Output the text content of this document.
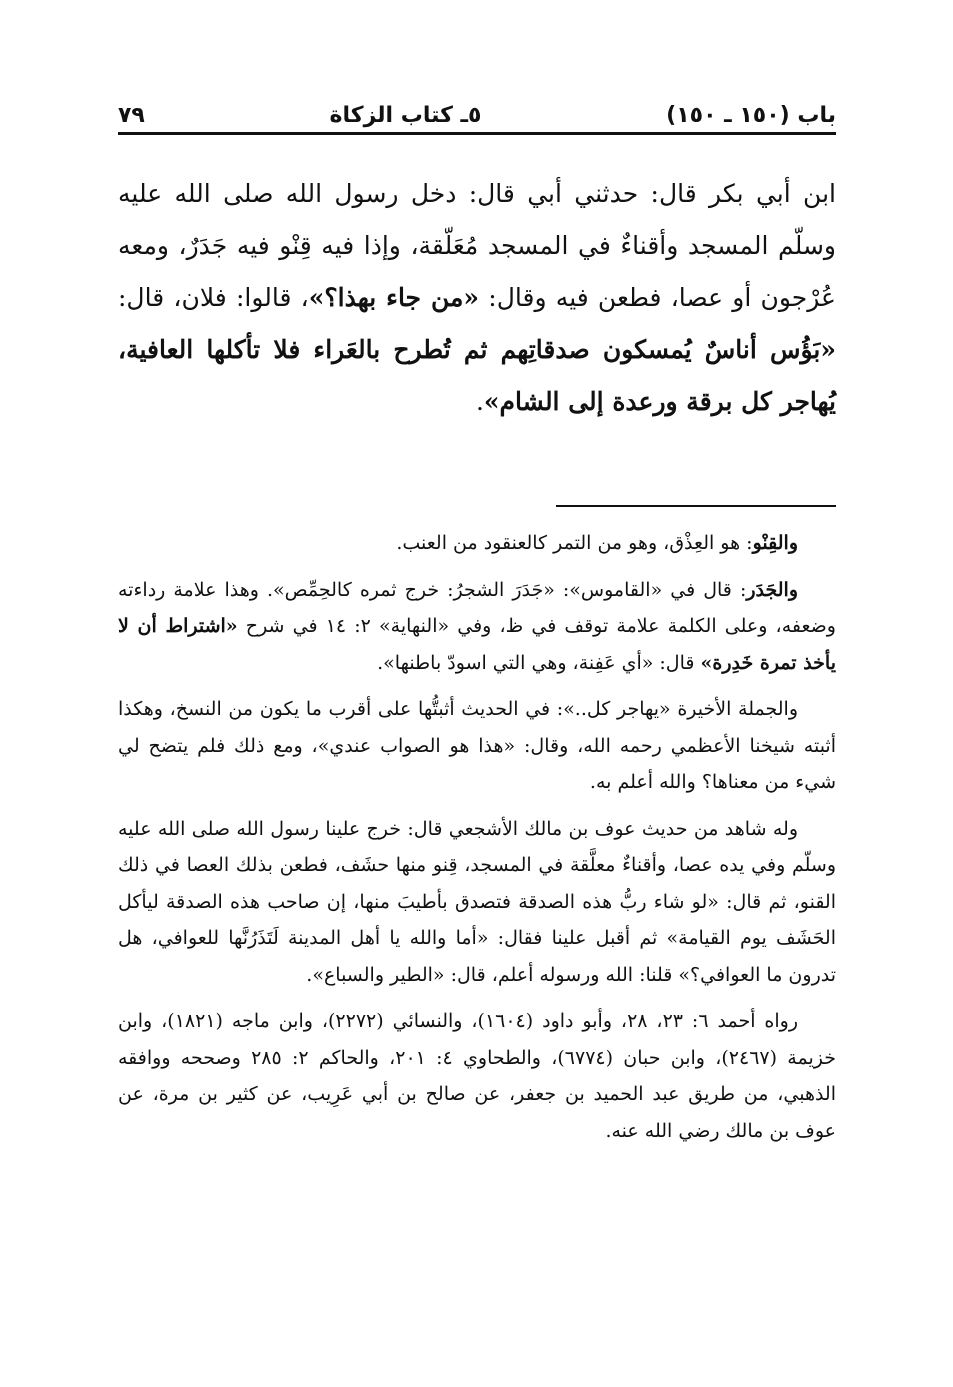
٧٩	٥ـ كتاب الزكاة	باب (١٥٠ ـ ١٥٠)

ابن أبي بكر قال: حدثني أبي قال: دخل رسول الله صلى الله عليه وسلّم المسجد وأقناءٌ في المسجد مُعَلّقة، وإذا فيه قِنْو فيه جَدَرٌ، ومعه عُرْجون أو عصا، فطعن فيه وقال: «من جاء بهذا؟»، قالوا: فلان، قال: «بَؤُس أناسٌ يُمسكون صدقاتِهم ثم تُطرح بالعَراء فلا تأكلها العافية، يُهاجر كل برقة ورعدة إلى الشام».

والقِنْو: هو العِذْق، وهو من التمر كالعنقود من العنب.

والجَدَر: قال في «القاموس»: «جَدَرَ الشجرُ: خرج ثمره كالحِمِّص». وهذا علامة رداءته وضعفه، وعلى الكلمة علامة توقف في ظ، وفي «النهاية» ٢: ١٤ في شرح «اشتراط أن لا يأخذ تمرة خَدِرة» قال: «أي عَفِنة، وهي التي اسودّ باطنها».

والجملة الأخيرة «يهاجر كل..»: في الحديث أثبتُّها على أقرب ما يكون من النسخ، وهكذا أثبته شيخنا الأعظمي رحمه الله، وقال: «هذا هو الصواب عندي»، ومع ذلك فلم يتضح لي شيء من معناها؟ والله أعلم به.

وله شاهد من حديث عوف بن مالك الأشجعي قال: خرج علينا رسول الله صلى الله عليه وسلّم وفي يده عصا، وأقناءٌ معلَّقة في المسجد، قِنو منها حشَف، فطعن بذلك العصا في ذلك القنو، ثم قال: «لو شاء ربُّ هذه الصدقة فتصدق بأطيبَ منها، إن صاحب هذه الصدقة ليأكل الحَشَف يوم القيامة» ثم أقبل علينا فقال: «أما والله يا أهل المدينة لَتَذَرُنَّها للعوافي، هل تدرون ما العوافي؟» قلنا: الله ورسوله أعلم، قال: «الطير والسباع».

رواه أحمد ٦: ٢٣، ٢٨، وأبو داود (١٦٠٤)، والنسائي (٢٢٧٢)، وابن ماجه (١٨٢١)، وابن خزيمة (٢٤٦٧)، وابن حبان (٦٧٧٤)، والطحاوي ٤: ٢٠١، والحاكم ٢: ٢٨٥ وصححه ووافقه الذهبي، من طريق عبد الحميد بن جعفر، عن صالح بن أبي عَرِيب، عن كثير بن مرة، عن عوف بن مالك رضي الله عنه.
